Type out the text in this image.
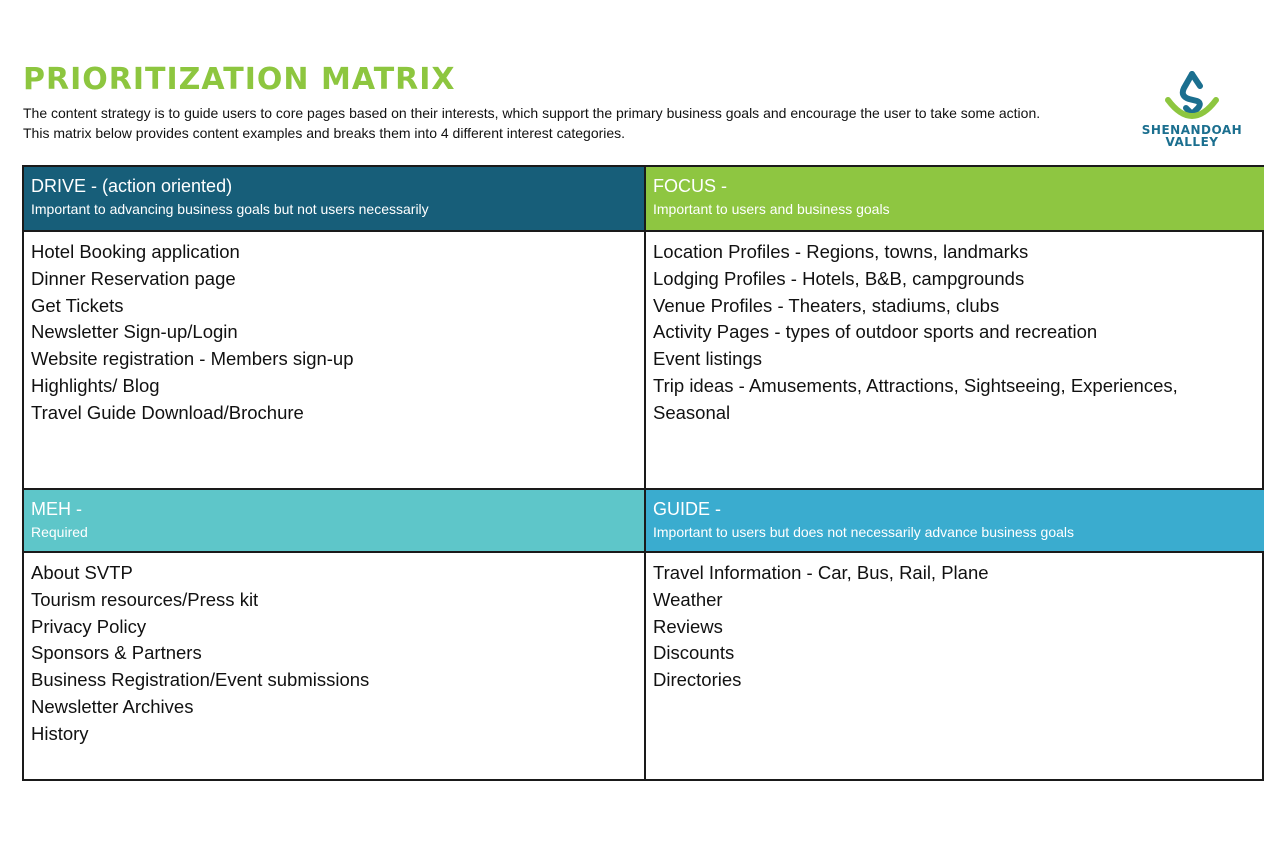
PRIORITIZATION MATRIX

The content strategy is to guide users to core pages based on their interests, which support the primary business goals and encourage the user to take some action.

This matrix below provides content examples and breaks them into 4 different interest categories.	SHENANDOAH
VALLEY
DRIVE - (action oriented)
Important to advancing business goals but not users necessarily
FOCUS -
Important to users and business goals
Hotel Booking application
Dinner Reservation page
Get Tickets
Newsletter Sign-up/Login
Website registration - Members sign-up
Highlights/ Blog
Travel Guide Download/Brochure
Location Profiles - Regions, towns, landmarks
Lodging Profiles - Hotels, B&B, campgrounds
Venue Profiles - Theaters, stadiums, clubs
Activity Pages - types of outdoor sports and recreation
Event listings
Trip ideas - Amusements, Attractions, Sightseeing, Experiences,
Seasonal
MEH -
Required
GUIDE -
Important to users but does not necessarily advance business goals
About SVTP
Tourism resources/Press kit
Privacy Policy
Sponsors & Partners
Business Registration/Event submissions
Newsletter Archives
History
Travel Information - Car, Bus, Rail, Plane
Weather
Reviews
Discounts
Directories
